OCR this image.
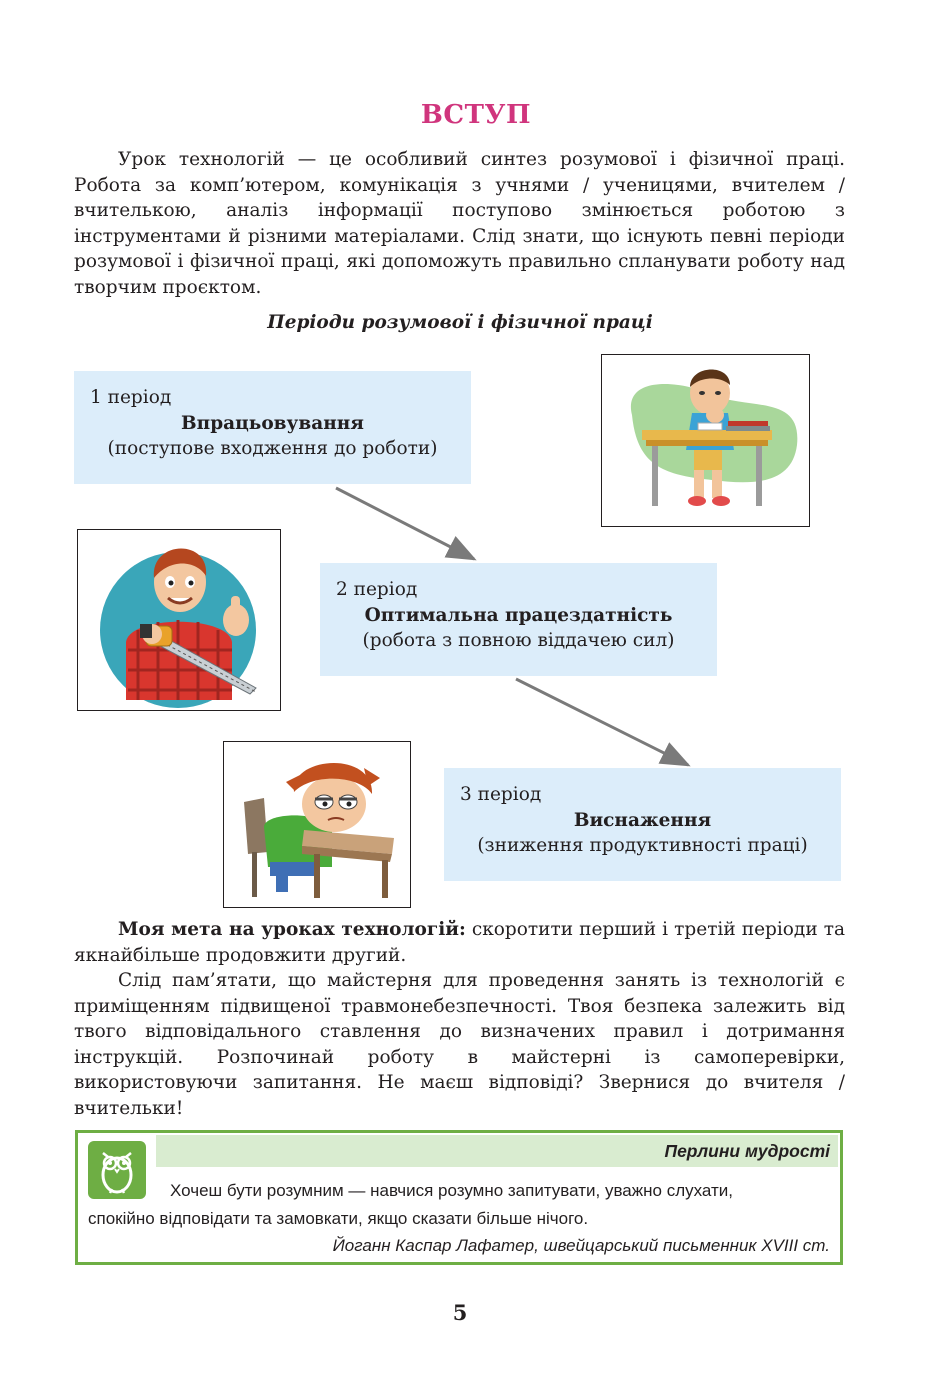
ВСТУП
Урок технологій — це особливий синтез розумової і фізичної праці. Робота за комп’ютером, комунікація з учнями / ученицями, вчителем / вчителькою, аналіз інформації поступово змінюється роботою з інструментами й різними матеріалами. Слід знати, що існують певні періоди розумової і фізичної праці, які допоможуть правильно спланувати роботу над творчим проєктом.
Періоди розумової і фізичної праці
1 період
Впрацьовування
(поступове входження до роботи)
2 період
Оптимальна працездатність
(робота з повною віддачею сил)
3 період
Виснаження
(зниження продуктивності праці)
Моя мета на уроках технологій: скоротити перший і третій періоди та якнайбільше продовжити другий.
Слід пам’ятати, що майстерня для проведення занять із технологій є приміщенням підвищеної травмонебезпечності. Твоя безпека залежить від твого відповідального ставлення до визначених правил і дотримання інструкцій. Розпочинай роботу в майстерні із самоперевірки, використовуючи запитання. Не маєш відповіді? Звернися до вчителя / вчительки!
Перлини мудрості
Хочеш бути розумним — навчися розумно запитувати, уважно слухати,
спокійно відповідати та замовкати, якщо сказати більше нічого.
Йоганн Каспар Лафатер, швейцарський письменник XVIII ст.
5
